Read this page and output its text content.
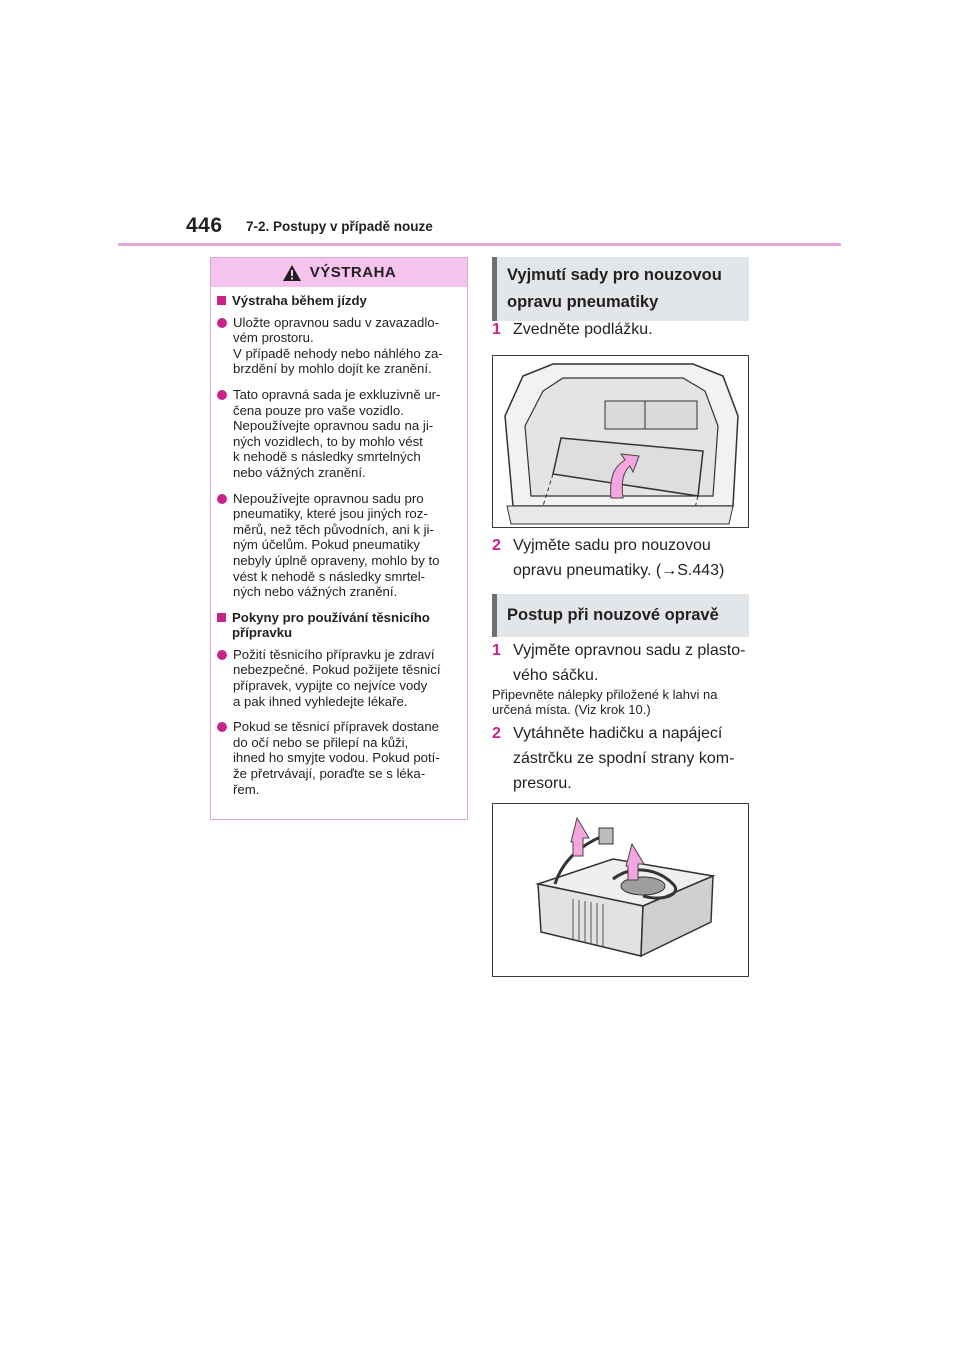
446 7-2. Postupy v případě nouze
VÝSTRAHA
Výstraha během jízdy
Uložte opravnou sadu v zavazadlo-
vém prostoru.
V případě nehody nebo náhlého za-
brzdění by mohlo dojít ke zranění.
Tato opravná sada je exkluzivně ur-
čena pouze pro vaše vozidlo.
Nepoužívejte opravnou sadu na ji-
ných vozidlech, to by mohlo vést
k nehodě s následky smrtelných
nebo vážných zranění.
Nepoužívejte opravnou sadu pro
pneumatiky, které jsou jiných roz-
měrů, než těch původních, ani k ji-
ným účelům. Pokud pneumatiky
nebyly úplně opraveny, mohlo by to
vést k nehodě s následky smrtel-
ných nebo vážných zranění.
Pokyny pro používání těsnicího
přípravku
Požití těsnicího přípravku je zdraví
nebezpečné. Pokud požijete těsnicí
přípravek, vypijte co nejvíce vody
a pak ihned vyhledejte lékaře.
Pokud se těsnicí přípravek dostane
do očí nebo se přilepí na kůži,
ihned ho smyjte vodou. Pokud potí-
že přetrvávají, poraďte se s léka-
řem.
Vyjmutí sady pro nouzovou
opravu pneumatiky
1 Zvedněte podlážku.
2 Vyjměte sadu pro nouzovou
opravu pneumatiky. (→S.443)
Postup při nouzové opravě
1 Vyjměte opravnou sadu z plasto-
vého sáčku.
Připevněte nálepky přiložené k lahvi na
určená místa. (Viz krok 10.)
2 Vytáhněte hadičku a napájecí
zástrčku ze spodní strany kom-
presoru.
